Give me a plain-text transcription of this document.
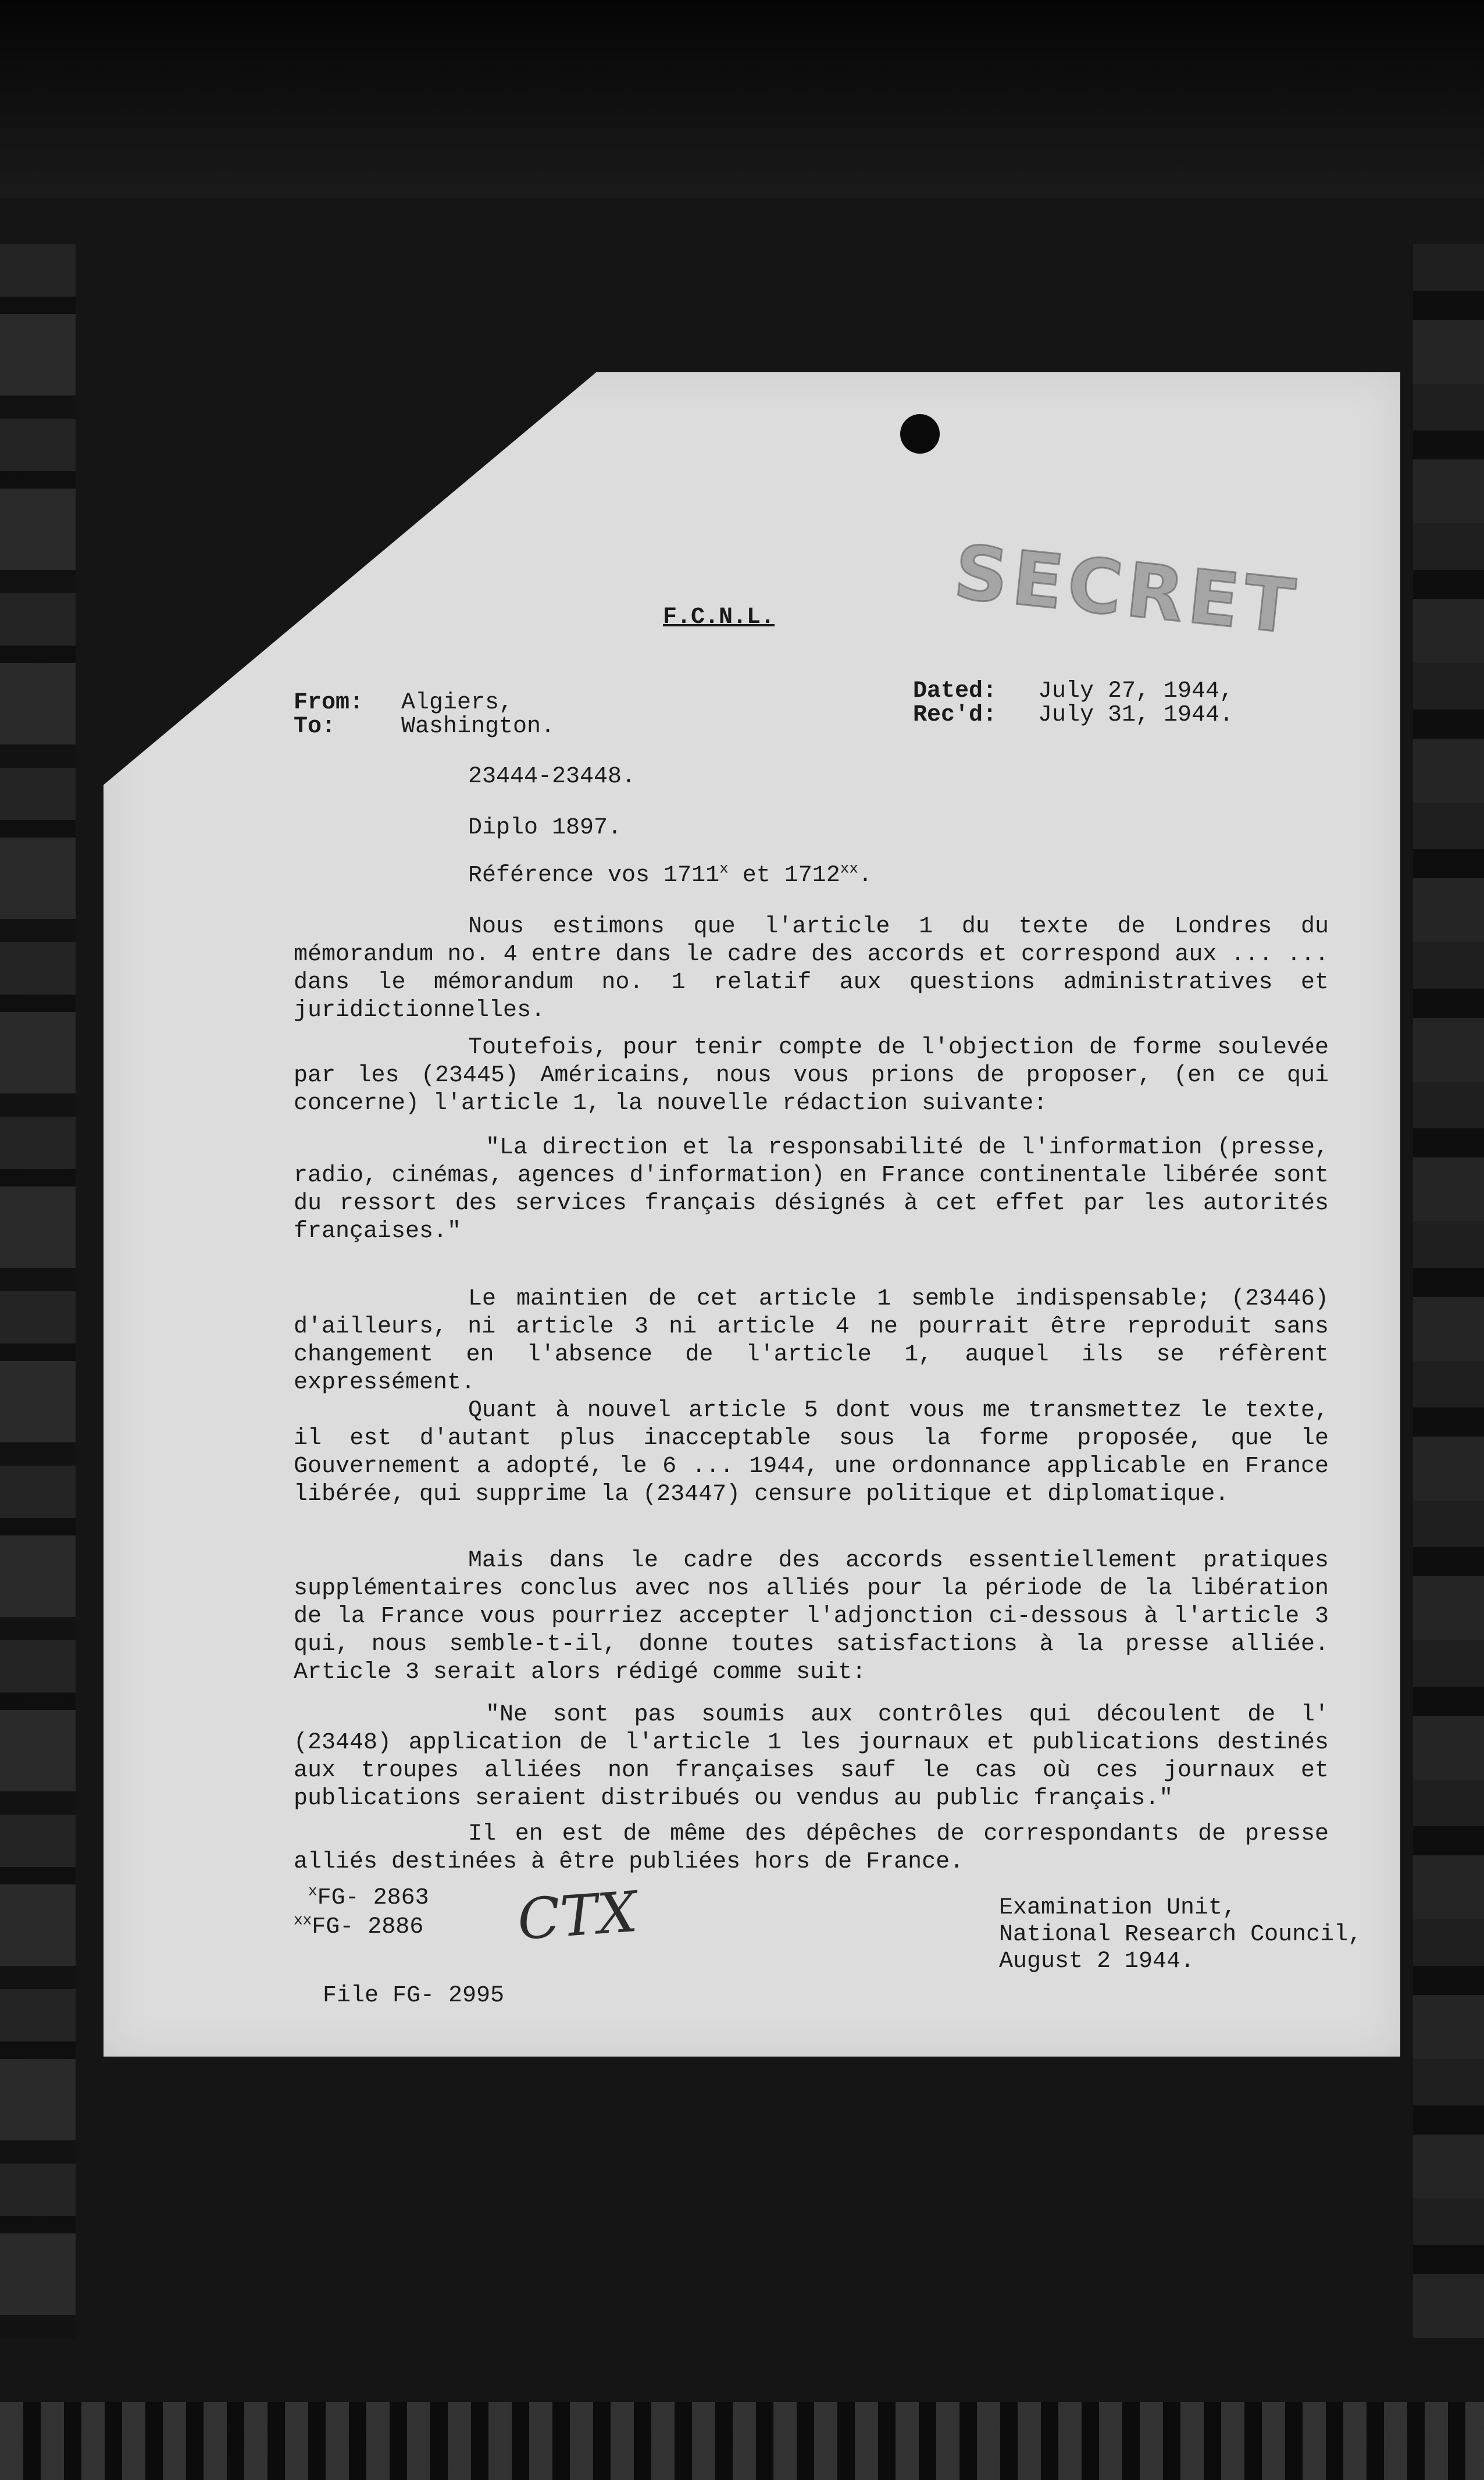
SECRET
F.C.N.L.
From: Algiers,
To:	Washington.
Dated: July 27, 1944,
Rec'd: July 31, 1944.
23444-23448.
Diplo 1897.
Référence vos 1711$^x$ et 1712$^{xx}$.
Nous estimons que l'article 1 du texte de Londres du mémorandum no. 4 entre dans le cadre des accords et correspond aux ... ... dans le mémorandum no. 1 relatif aux questions administratives et juridictionnelles.
Toutefois, pour tenir compte de l'objection de forme soulevée par les (23445) Américains, nous vous prions de proposer, (en ce qui concerne) l'article 1, la nouvelle rédaction suivante:
"La direction et la responsabilité de l'information (presse, radio, cinémas, agences d'information) en France continentale libérée sont du ressort des services français désignés à cet effet par les autorités françaises."
Le maintien de cet article 1 semble indispensable; (23446) d'ailleurs, ni article 3 ni article 4 ne pourrait être reproduit sans changement en l'absence de l'article 1, auquel ils se réfèrent expressément.
Quant à nouvel article 5 dont vous me transmettez le texte, il est d'autant plus inacceptable sous la forme proposée, que le Gouvernement a adopté, le 6 ... 1944, une ordonnance applicable en France libérée, qui supprime la (23447) censure politique et diplomatique.
Mais dans le cadre des accords essentiellement pratiques supplémentaires conclus avec nos alliés pour la période de la libération de la France vous pourriez accepter l'adjonction ci-dessous à l'article 3 qui, nous semble-t-il, donne toutes satisfactions à la presse alliée. Article 3 serait alors rédigé comme suit:
"Ne sont pas soumis aux contrôles qui découlent de l' (23448) application de l'article 1 les journaux et publications destinés aux troupes alliées non françaises sauf le cas où ces journaux et publications seraient distribués ou vendus au public français."
Il en est de même des dépêches de correspondants de presse alliés destinées à être publiées hors de France.
$^x$FG- 2863
$^{xx}$FG- 2886 CTX
File FG- 2995
Examination Unit,
National Research Council,
August 2 1944.
